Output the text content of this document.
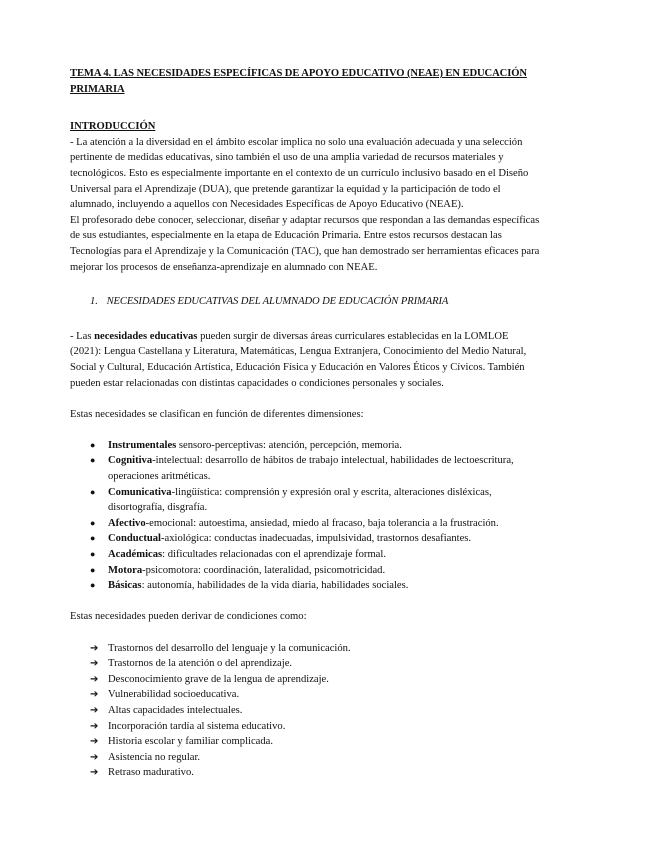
TEMA 4. LAS NECESIDADES ESPECÍFICAS DE APOYO EDUCATIVO (NEAE) EN EDUCACIÓN PRIMARIA

INTRODUCCIÓN

- La atención a la diversidad en el ámbito escolar implica no solo una evaluación adecuada y una selección pertinente de medidas educativas, sino también el uso de una amplia variedad de recursos materiales y tecnológicos. Esto es especialmente importante en el contexto de un currículo inclusivo basado en el Diseño Universal para el Aprendizaje (DUA), que pretende garantizar la equidad y la participación de todo el alumnado, incluyendo a aquellos con Necesidades Específicas de Apoyo Educativo (NEAE).

El profesorado debe conocer, seleccionar, diseñar y adaptar recursos que respondan a las demandas específicas de sus estudiantes, especialmente en la etapa de Educación Primaria. Entre estos recursos destacan las Tecnologías para el Aprendizaje y la Comunicación (TAC), que han demostrado ser herramientas eficaces para mejorar los procesos de enseñanza-aprendizaje en alumnado con NEAE.

1. NECESIDADES EDUCATIVAS DEL ALUMNADO DE EDUCACIÓN PRIMARIA

- Las necesidades educativas pueden surgir de diversas áreas curriculares establecidas en la LOMLOE (2021): Lengua Castellana y Literatura, Matemáticas, Lengua Extranjera, Conocimiento del Medio Natural, Social y Cultural, Educación Artística, Educación Física y Educación en Valores Éticos y Cívicos. También pueden estar relacionadas con distintas capacidades o condiciones personales y sociales.

Estas necesidades se clasifican en función de diferentes dimensiones:

● Instrumentales sensoro-perceptivas: atención, percepción, memoria.
● Cognitiva-intelectual: desarrollo de hábitos de trabajo intelectual, habilidades de lectoescritura, operaciones aritméticas.
● Comunicativa-lingüística: comprensión y expresión oral y escrita, alteraciones disléxicas, disortografía, disgrafía.
● Afectivo-emocional: autoestima, ansiedad, miedo al fracaso, baja tolerancia a la frustración.
● Conductual-axiológica: conductas inadecuadas, impulsividad, trastornos desafiantes.
● Académicas: dificultades relacionadas con el aprendizaje formal.
● Motora-psicomotora: coordinación, lateralidad, psicomotricidad.
● Básicas: autonomía, habilidades de la vida diaria, habilidades sociales.

Estas necesidades pueden derivar de condiciones como:

➔ Trastornos del desarrollo del lenguaje y la comunicación.
➔ Trastornos de la atención o del aprendizaje.
➔ Desconocimiento grave de la lengua de aprendizaje.
➔ Vulnerabilidad socioeducativa.
➔ Altas capacidades intelectuales.
➔ Incorporación tardía al sistema educativo.
➔ Historia escolar y familiar complicada.
➔ Asistencia no regular.
➔ Retraso madurativo.
